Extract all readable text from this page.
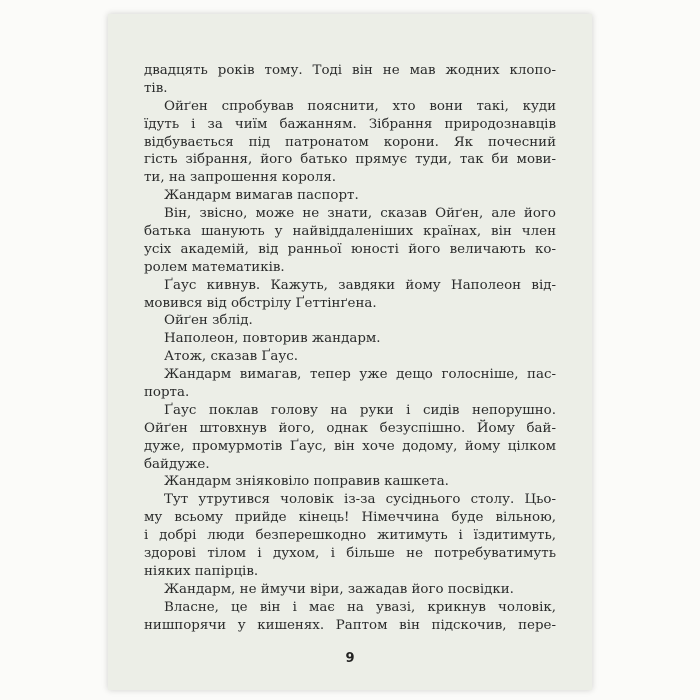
двадцять років тому. Тоді він не мав жодних клопо-
тів.
Ойґен спробував пояснити, хто вони такі, куди
їдуть і за чиїм бажанням. Зібрання природознавців
відбувається під патронатом корони. Як почесний
гість зібрання, його батько прямує туди, так би мови-
ти, на запрошення короля.
Жандарм вимагав паспорт.
Він, звісно, може не знати, сказав Ойґен, але його
батька шанують у найвіддаленіших країнах, він член
усіх академій, від ранньої юності його величають ко-
ролем математиків.
Ґаус кивнув. Кажуть, завдяки йому Наполеон від-
мовився від обстрілу Ґеттінґена.
Ойґен зблід.
Наполеон, повторив жандарм.
Атож, сказав Ґаус.
Жандарм вимагав, тепер уже дещо голосніше, пас-
порта.
Ґаус поклав голову на руки і сидів непорушно.
Ойґен штовхнув його, однак безуспішно. Йому бай-
дуже, промурмотів Ґаус, він хоче додому, йому цілком
байдуже.
Жандарм зніяковіло поправив кашкета.
Тут утрутився чоловік із-за сусіднього столу. Цьо-
му всьому прийде кінець! Німеччина буде вільною,
і добрі люди безперешкодно житимуть і їздитимуть,
здорові тілом і духом, і більше не потребуватимуть
ніяких папірців.
Жандарм, не ймучи віри, зажадав його посвідки.
Власне, це він і має на увазі, крикнув чоловік,
нишпорячи у кишенях. Раптом він підскочив, пере-
9
